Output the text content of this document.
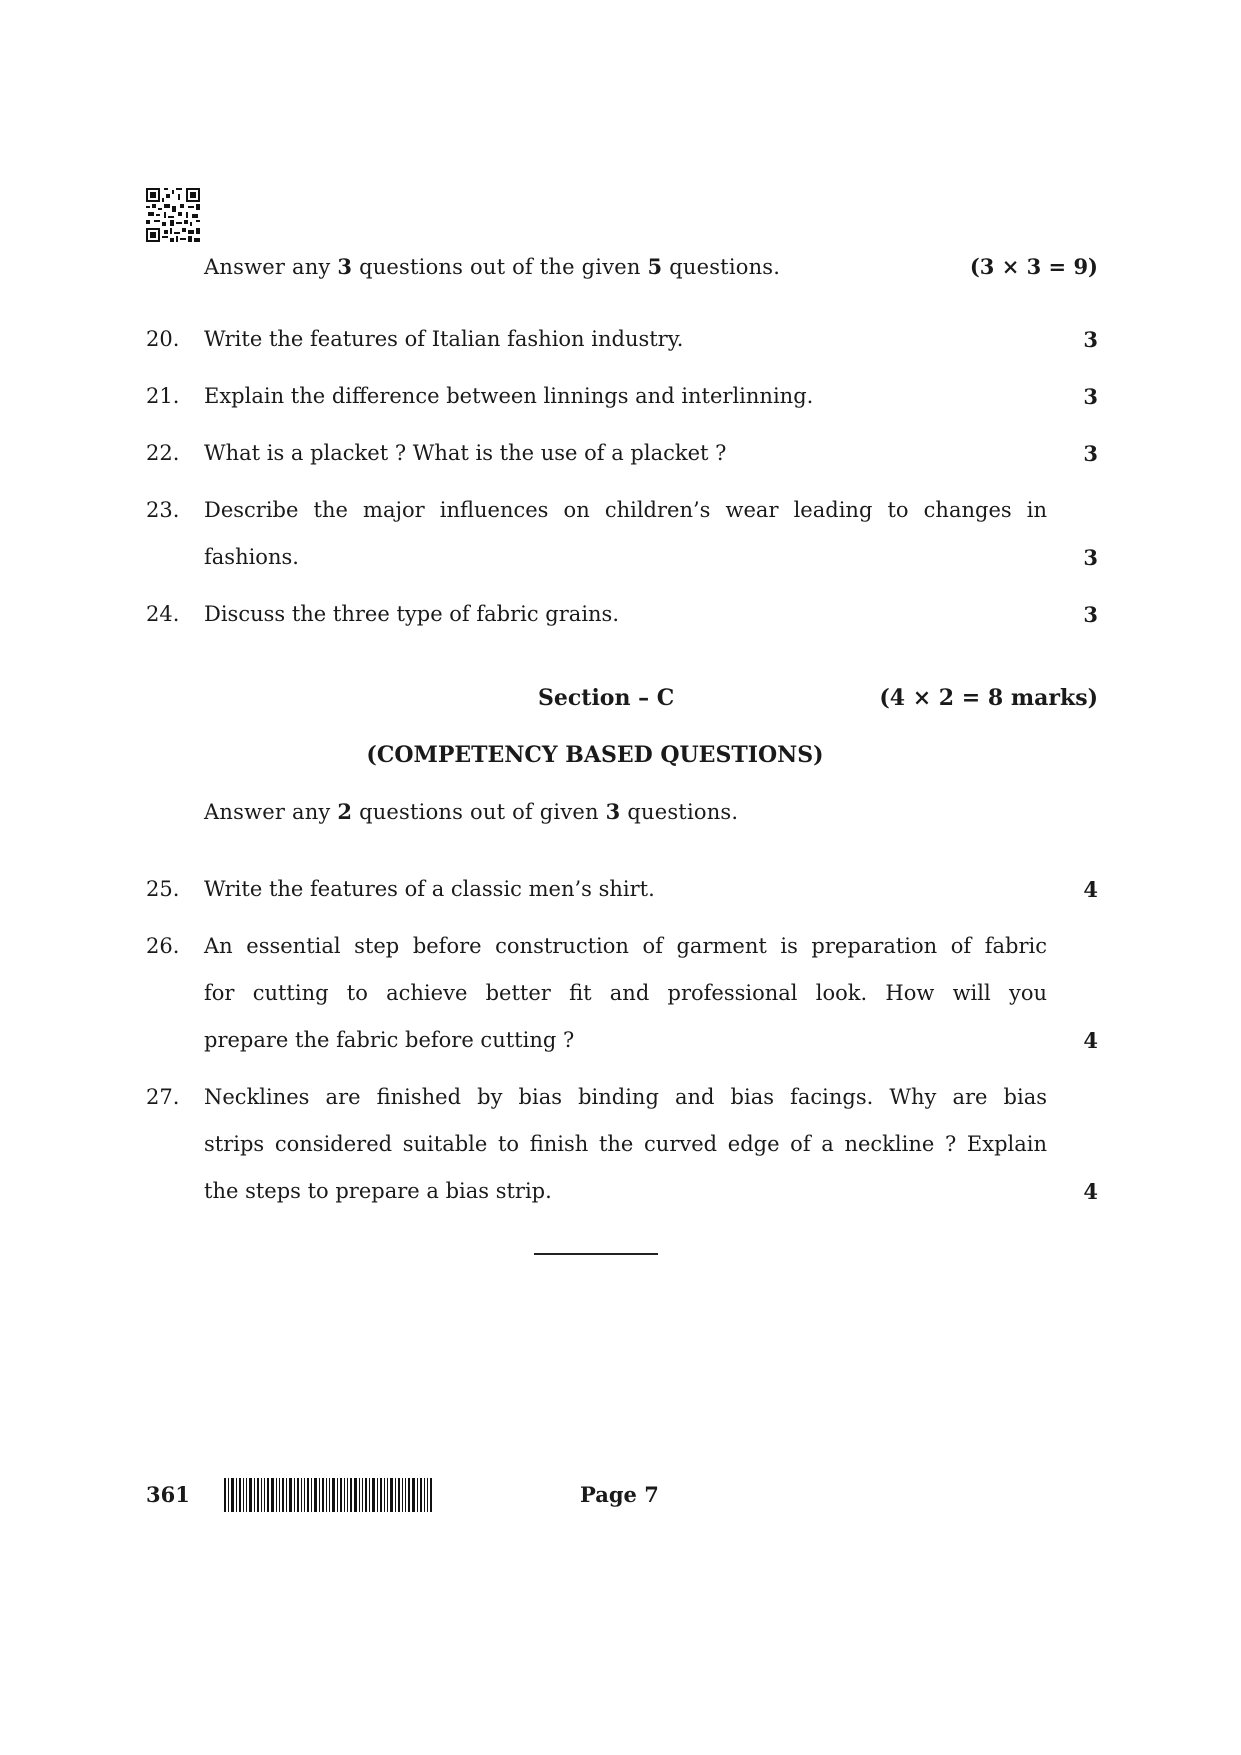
Answer any 3 questions out of the given 5 questions.	(3 × 3 = 9)
20. Write the features of Italian fashion industry.	3
21. Explain the difference between linnings and interlinning.	3
22. What is a placket ? What is the use of a placket ?	3
23. Describe the major influences on children’s wear leading to changes in
fashions.	3
24. Discuss the three type of fabric grains.	3
Section – C	(4 × 2 = 8 marks)
(COMPETENCY BASED QUESTIONS)
Answer any 2 questions out of given 3 questions.
25. Write the features of a classic men’s shirt.	4
26. An essential step before construction of garment is preparation of fabric
for cutting to achieve better fit and professional look. How will you
prepare the fabric before cutting ?	4
27. Necklines are finished by bias binding and bias facings. Why are bias
strips considered suitable to finish the curved edge of a neckline ? Explain
the steps to prepare a bias strip.	4
361	Page 7
